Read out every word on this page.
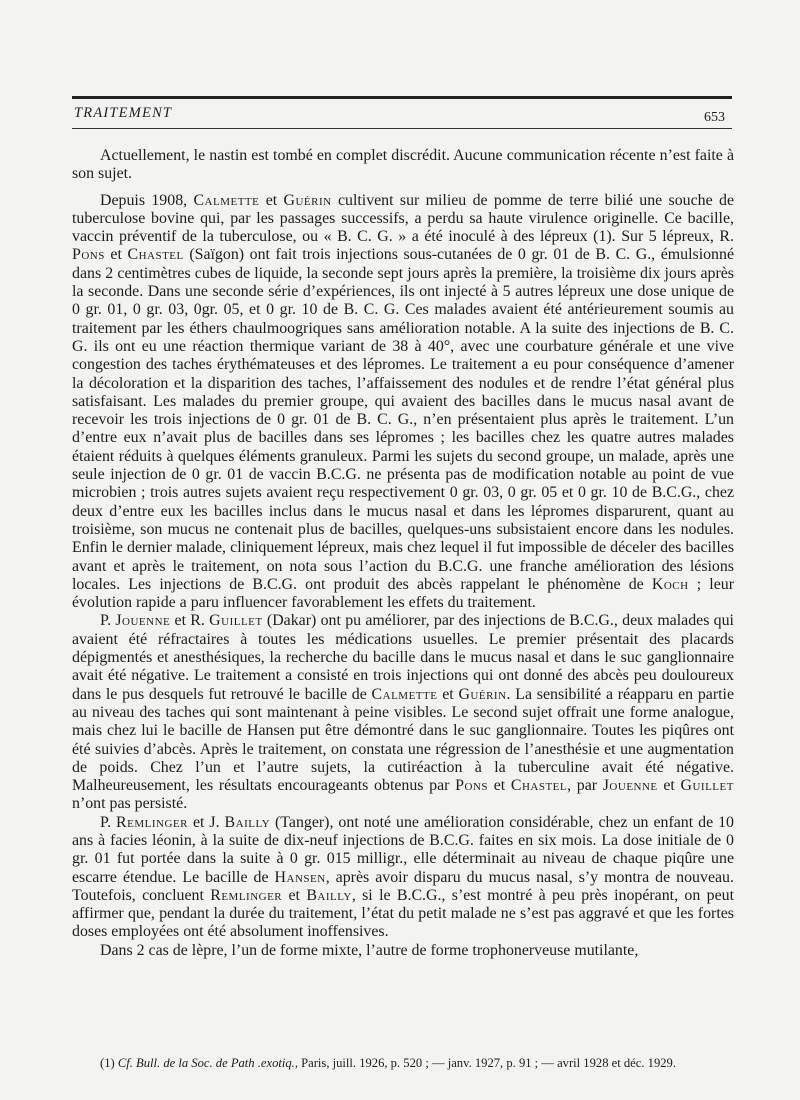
TRAITEMENT	653

Actuellement, le nastin est tombé en complet discrédit. Aucune communication récente n’est faite à son sujet.

Depuis 1908, Calmette et Guérin cultivent sur milieu de pomme de terre bilié une souche de tuberculose bovine qui, par les passages successifs, a perdu sa haute virulence originelle. Ce bacille, vaccin préventif de la tuberculose, ou « B. C. G. » a été inoculé à des lépreux (1). Sur 5 lépreux, R. Pons et Chastel (Saïgon) ont fait trois injections sous-cutanées de 0 gr. 01 de B. C. G., émulsionné dans 2 centimètres cubes de liquide, la seconde sept jours après la première, la troisième dix jours après la seconde. Dans une seconde série d’expériences, ils ont injecté à 5 autres lépreux une dose unique de 0 gr. 01, 0 gr. 03, 0gr. 05, et 0 gr. 10 de B. C. G. Ces malades avaient été antérieurement soumis au traitement par les éthers chaulmoogriques sans amélioration notable. A la suite des injections de B. C. G. ils ont eu une réaction thermique variant de 38 à 40°, avec une courbature générale et une vive congestion des taches érythémateuses et des lépromes. Le traitement a eu pour conséquence d’amener la décoloration et la disparition des taches, l’affaissement des nodules et de rendre l’état général plus satisfaisant. Les malades du premier groupe, qui avaient des bacilles dans le mucus nasal avant de recevoir les trois injections de 0 gr. 01 de B. C. G., n’en présentaient plus après le traitement. L’un d’entre eux n’avait plus de bacilles dans ses lépromes ; les bacilles chez les quatre autres malades étaient réduits à quelques éléments granuleux. Parmi les sujets du second groupe, un malade, après une seule injection de 0 gr. 01 de vaccin B.C.G. ne présenta pas de modification notable au point de vue microbien ; trois autres sujets avaient reçu respectivement 0 gr. 03, 0 gr. 05 et 0 gr. 10 de B.C.G., chez deux d’entre eux les bacilles inclus dans le mucus nasal et dans les lépromes disparurent, quant au troisième, son mucus ne contenait plus de bacilles, quelques-uns subsistaient encore dans les nodules. Enfin le dernier malade, cliniquement lépreux, mais chez lequel il fut impossible de déceler des bacilles avant et après le traitement, on nota sous l’action du B.C.G. une franche amélioration des lésions locales. Les injections de B.C.G. ont produit des abcès rappelant le phénomène de Koch ; leur évolution rapide a paru influencer favorablement les effets du traitement.

P. Jouenne et R. Guillet (Dakar) ont pu améliorer, par des injections de B.C.G., deux malades qui avaient été réfractaires à toutes les médications usuelles. Le premier présentait des placards dépigmentés et anesthésiques, la recherche du bacille dans le mucus nasal et dans le suc ganglionnaire avait été négative. Le traitement a consisté en trois injections qui ont donné des abcès peu douloureux dans le pus desquels fut retrouvé le bacille de Calmette et Guérin. La sensibilité a réapparu en partie au niveau des taches qui sont maintenant à peine visibles. Le second sujet offrait une forme analogue, mais chez lui le bacille de Hansen put être démontré dans le suc ganglionnaire. Toutes les piqûres ont été suivies d’abcès. Après le traitement, on constata une régression de l’anesthésie et une augmentation de poids. Chez l’un et l’autre sujets, la cutiréaction à la tuberculine avait été négative. Malheureusement, les résultats encourageants obtenus par Pons et Chastel, par Jouenne et Guillet n’ont pas persisté.

P. Remlinger et J. Bailly (Tanger), ont noté une amélioration considérable, chez un enfant de 10 ans à facies léonin, à la suite de dix-neuf injections de B.C.G. faites en six mois. La dose initiale de 0 gr. 01 fut portée dans la suite à 0 gr. 015 milligr., elle déterminait au niveau de chaque piqûre une escarre étendue. Le bacille de Hansen, après avoir disparu du mucus nasal, s’y montra de nouveau. Toutefois, concluent Remlinger et Bailly, si le B.C.G., s’est montré à peu près inopérant, on peut affirmer que, pendant la durée du traitement, l’état du petit malade ne s’est pas aggravé et que les fortes doses employées ont été absolument inoffensives.

Dans 2 cas de lèpre, l’un de forme mixte, l’autre de forme trophonerveuse mutilante,

(1) Cf. Bull. de la Soc. de Path .exotiq., Paris, juill. 1926, p. 520 ; — janv. 1927, p. 91 ; — avril 1928 et déc. 1929.
